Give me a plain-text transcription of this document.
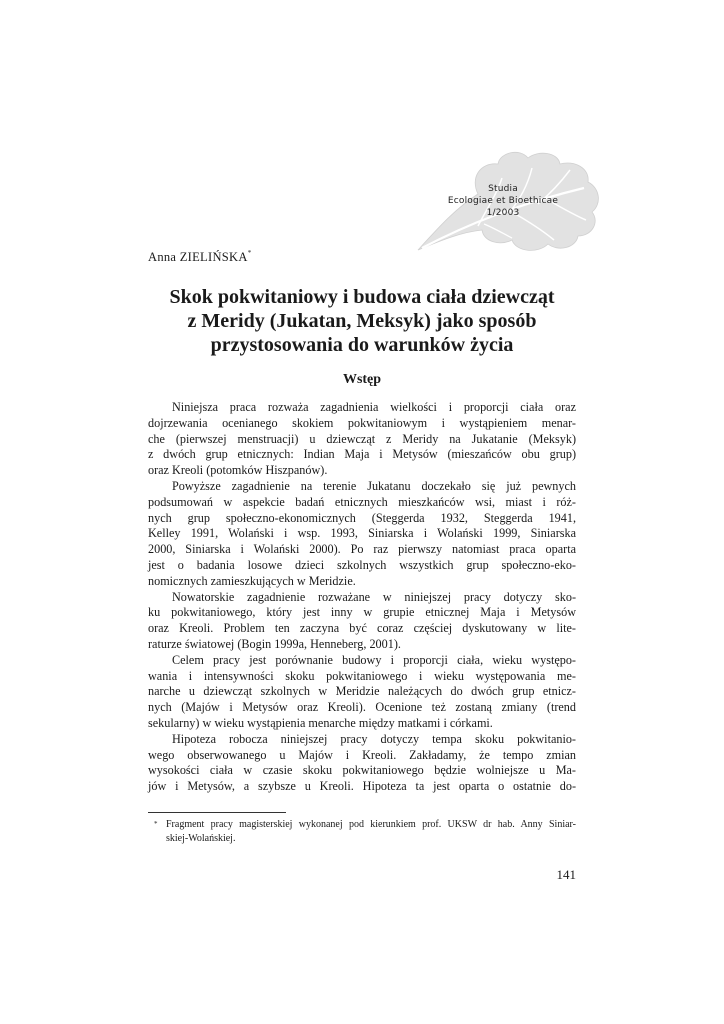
Studia
Ecologiae et Bioethicae
1/2003
Anna ZIELIŃSKA*
Skok pokwitaniowy i budowa ciała dziewcząt
z Meridy (Jukatan, Meksyk) jako sposób
przystosowania do warunków życia
Wstęp
Niniejsza praca rozważa zagadnienia wielkości i proporcji ciała oraz
dojrzewania ocenianego skokiem pokwitaniowym i wystąpieniem menar-
che (pierwszej menstruacji) u dziewcząt z Meridy na Jukatanie (Meksyk)
z dwóch grup etnicznych: Indian Maja i Metysów (mieszańców obu grup)
oraz Kreoli (potomków Hiszpanów).
Powyższe zagadnienie na terenie Jukatanu doczekało się już pewnych
podsumowań w aspekcie badań etnicznych mieszkańców wsi, miast i róż-
nych grup społeczno-ekonomicznych (Steggerda 1932, Steggerda 1941,
Kelley 1991, Wolański i wsp. 1993, Siniarska i Wolański 1999, Siniarska
2000, Siniarska i Wolański 2000). Po raz pierwszy natomiast praca oparta
jest o badania losowe dzieci szkolnych wszystkich grup społeczno-eko-
nomicznych zamieszkujących w Meridzie.
Nowatorskie zagadnienie rozważane w niniejszej pracy dotyczy sko-
ku pokwitaniowego, który jest inny w grupie etnicznej Maja i Metysów
oraz Kreoli. Problem ten zaczyna być coraz częściej dyskutowany w lite-
raturze światowej (Bogin 1999a, Henneberg, 2001).
Celem pracy jest porównanie budowy i proporcji ciała, wieku występo-
wania i intensywności skoku pokwitaniowego i wieku występowania me-
narche u dziewcząt szkolnych w Meridzie należących do dwóch grup etnicz-
nych (Majów i Metysów oraz Kreoli). Ocenione też zostaną zmiany (trend
sekularny) w wieku wystąpienia menarche między matkami i córkami.
Hipoteza robocza niniejszej pracy dotyczy tempa skoku pokwitanio-
wego obserwowanego u Majów i Kreoli. Zakładamy, że tempo zmian
wysokości ciała w czasie skoku pokwitaniowego będzie wolniejsze u Ma-
jów i Metysów, a szybsze u Kreoli. Hipoteza ta jest oparta o ostatnie do-
* Fragment pracy magisterskiej wykonanej pod kierunkiem prof. UKSW dr hab. Anny Siniar-
skiej-Wolańskiej.
141
